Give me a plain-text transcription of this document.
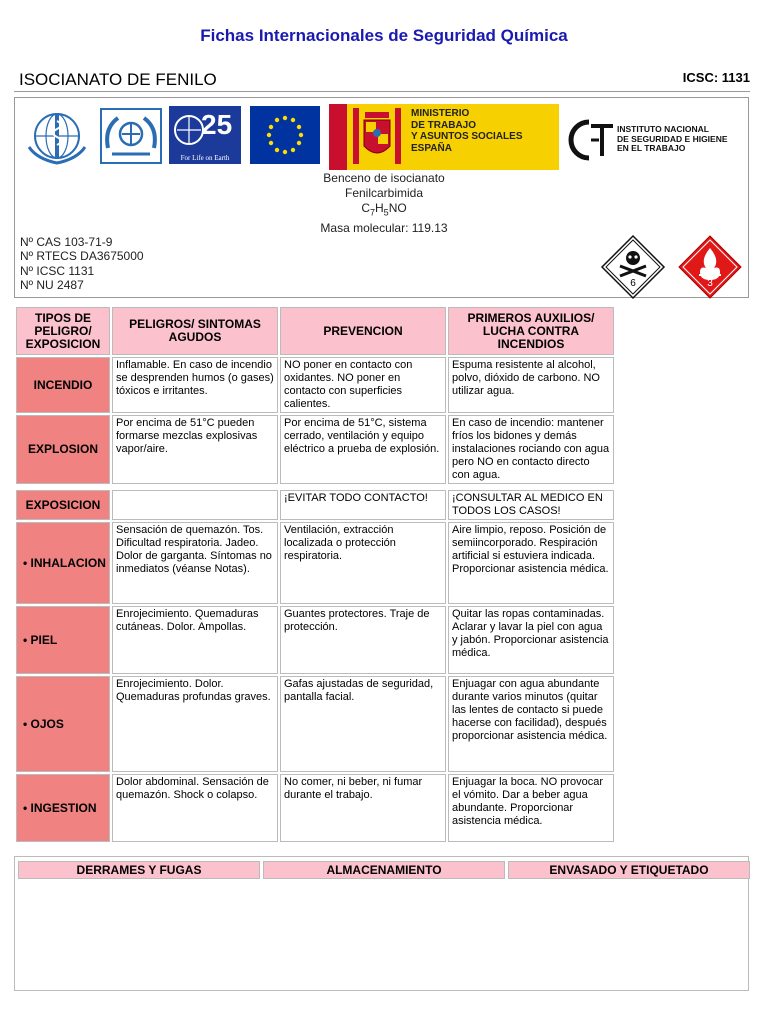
Fichas Internacionales de Seguridad Química
ISOCIANATO DE FENILO	ICSC: 1131
25
For Life on Earth
MINISTERIO
DE TRABAJO
Y ASUNTOS SOCIALES
ESPAÑA
INSTITUTO NACIONAL
DE SEGURIDAD E HIGIENE
EN EL TRABAJO
Benceno de isocianato
Fenilcarbimida
$C_7H_5NO$
Masa molecular: 119.13
Nº CAS 103-71-9
Nº RTECS DA3675000
Nº ICSC 1131
Nº NU 2487	6	3
TIPOS DE PELIGRO/ EXPOSICION	PELIGROS/ SINTOMAS AGUDOS	PREVENCION	PRIMEROS AUXILIOS/ LUCHA CONTRA INCENDIOS
INCENDIO	Inflamable. En caso de incendio se desprenden humos (o gases) tóxicos e irritantes.	NO poner en contacto con oxidantes. NO poner en contacto con superficies calientes.	Espuma resistente al alcohol, polvo, dióxido de carbono. NO utilizar agua.
EXPLOSION	Por encima de 51°C pueden formarse mezclas explosivas vapor/aire.	Por encima de 51°C, sistema cerrado, ventilación y equipo eléctrico a prueba de explosión.	En caso de incendio: mantener fríos los bidones y demás instalaciones rociando con agua pero NO en contacto directo con agua.

EXPOSICION		¡EVITAR TODO CONTACTO!	¡CONSULTAR AL MEDICO EN TODOS LOS CASOS!
• INHALACION	Sensación de quemazón. Tos. Dificultad respiratoria. Jadeo. Dolor de garganta. Síntomas no inmediatos (véanse Notas).	Ventilación, extracción localizada o protección respiratoria.	Aire limpio, reposo. Posición de semiincorporado. Respiración artificial si estuviera indicada. Proporcionar asistencia médica.
• PIEL	Enrojecimiento. Quemaduras cutáneas. Dolor. Ampollas.	Guantes protectores. Traje de protección.	Quitar las ropas contaminadas. Aclarar y lavar la piel con agua y jabón. Proporcionar asistencia médica.
• OJOS	Enrojecimiento. Dolor. Quemaduras profundas graves.	Gafas ajustadas de seguridad, pantalla facial.	Enjuagar con agua abundante durante varios minutos (quitar las lentes de contacto si puede hacerse con facilidad), después proporcionar asistencia médica.
• INGESTION	Dolor abdominal. Sensación de quemazón. Shock o colapso.	No comer, ni beber, ni fumar durante el trabajo.	Enjuagar la boca. NO provocar el vómito. Dar a beber agua abundante. Proporcionar asistencia médica.
DERRAMES Y FUGAS	ALMACENAMIENTO	ENVASADO Y ETIQUETADO
